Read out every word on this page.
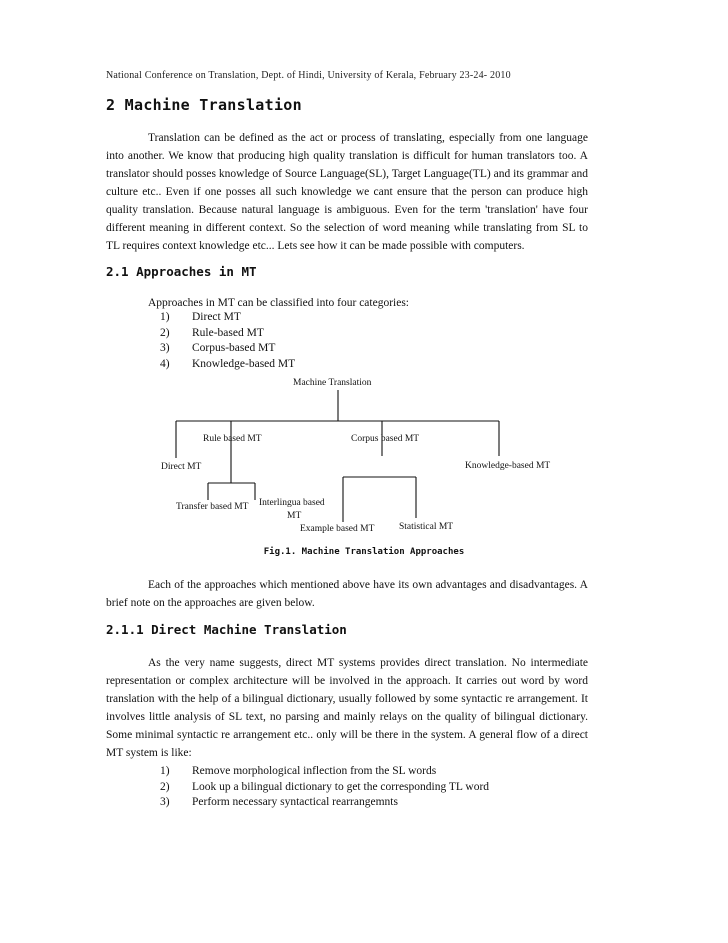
National Conference on Translation, Dept. of Hindi, University of Kerala, February 23-24- 2010
2 Machine Translation
Translation can be defined as the act or process of translating, especially from one language into another. We know that producing high quality translation is difficult for human translators too. A translator should posses knowledge of Source Language(SL), Target Language(TL) and its grammar and culture etc.. Even if one posses all such knowledge we cant ensure that the person can produce high quality translation. Because natural language is ambiguous. Even for the term 'translation' have four different meaning in different context. So the selection of word meaning while translating from SL to TL requires context knowledge etc... Lets see how it can be made possible with computers.
2.1 Approaches in MT
Approaches in MT can be classified into four categories:
1) Direct MT
2) Rule-based MT
3) Corpus-based MT
4) Knowledge-based MT
Machine Translation
Rule based MT	Corpus based MT
Direct MT	Knowledge-based MT
Transfer based MT Interlingua based
MT
Example based MT	Statistical MT
Fig.1. Machine Translation Approaches
Each of the approaches which mentioned above have its own advantages and disadvantages. A brief note on the approaches are given below.
2.1.1 Direct Machine Translation
As the very name suggests, direct MT systems provides direct translation. No intermediate representation or complex architecture will be involved in the approach. It carries out word by word translation with the help of a bilingual dictionary, usually followed by some syntactic re arrangement. It involves little analysis of SL text, no parsing and mainly relays on the quality of bilingual dictionary. Some minimal syntactic re arrangement etc.. only will be there in the system. A general flow of a direct MT system is like:
1) Remove morphological inflection from the SL words
2) Look up a bilingual dictionary to get the corresponding TL word
3) Perform necessary syntactical rearrangemnts
